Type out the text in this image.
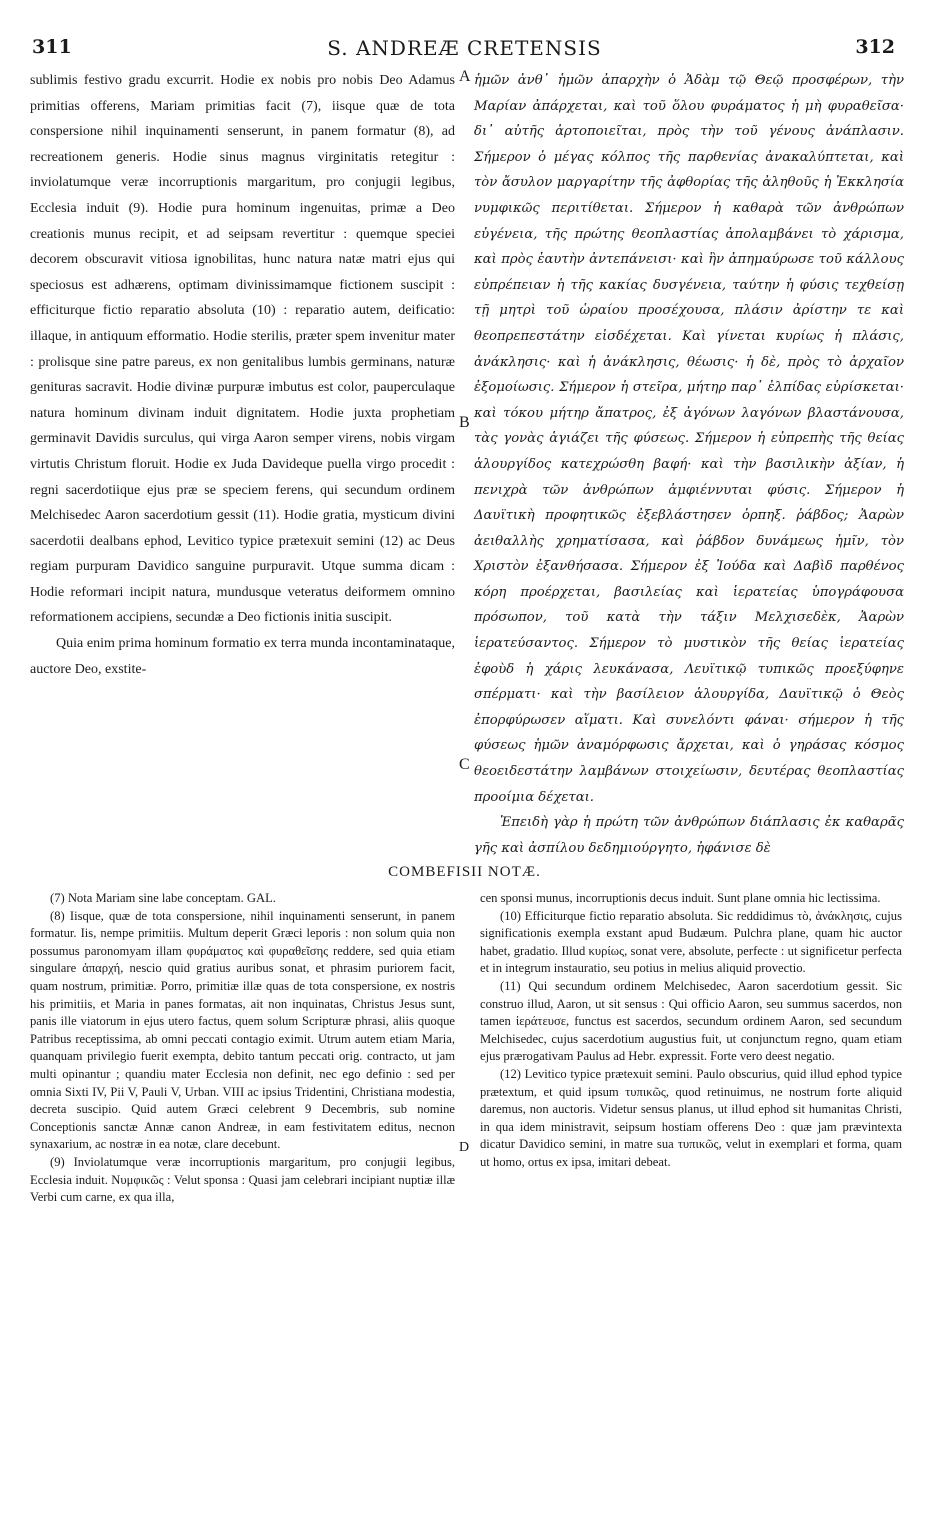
311	S. ANDREÆ CRETENSIS	312

sublimis festivo gradu excurrit. Hodie ex nobis pro nobis Deo Adamus primitias offerens, Mariam primitias facit (7), iisque quæ de tota conspersione nihil inquinamenti senserunt, in panem formatur (8), ad recreationem generis. Hodie sinus magnus virginitatis retegitur : inviolatumque veræ incorruptionis margaritum, pro conjugii legibus, Ecclesia induit (9). Hodie pura hominum ingenuitas, primæ a Deo creationis munus recipit, et ad seipsam revertitur : quemque speciei decorem obscuravit vitiosa ignobilitas, hunc natura natæ matri ejus qui speciosus est adhærens, optimam divinissimamque fictionem suscipit : efficiturque fictio reparatio absoluta (10) : reparatio autem, deificatio: illaque, in antiquum efformatio. Hodie sterilis, præter spem invenitur mater : prolisque sine patre pareus, ex non genitalibus lumbis germinans, naturæ genituras sacravit. Hodie divinæ purpuræ imbutus est color, pauperculaque natura hominum divinam induit dignitatem. Hodie juxta prophetiam germinavit Davidis surculus, qui virga Aaron semper virens, nobis virgam virtutis Christum floruit. Hodie ex Juda Davideque puella virgo procedit : regni sacerdotiique ejus præ se speciem ferens, qui secundum ordinem Melchisedec Aaron sacerdotium gessit (11). Hodie gratia, mysticum divini sacerdotii dealbans ephod, Levitico typice prætexuit semini (12) ac Deus regiam purpuram Davidico sanguine purpuravit. Utque summa dicam : Hodie reformari incipit natura, mundusque veteratus deiformem omnino reformationem accipiens, secundæ a Deo fictionis initia suscipit.

Quia enim prima hominum formatio ex terra munda incontaminataque, auctore Deo, exstite-

A
B
C

ἡμῶν ἀνθ᾽ ἡμῶν ἀπαρχὴν ὁ Ἀδὰμ τῷ Θεῷ προσφέρων, τὴν Μαρίαν ἀπάρχεται, καὶ τοῦ ὅλου φυράματος ἡ μὴ φυραθεῖσα· δι᾽ αὐτῆς ἀρτοποιεῖται, πρὸς τὴν τοῦ γένους ἀνάπλασιν. Σήμερον ὁ μέγας κόλπος τῆς παρθενίας ἀνακαλύπτεται, καὶ τὸν ἄσυλον μαργαρίτην τῆς ἀφθορίας τῆς ἀληθοῦς ἡ Ἐκκλησία νυμφικῶς περιτίθεται. Σήμερον ἡ καθαρὰ τῶν ἀνθρώπων εὐγένεια, τῆς πρώτης θεοπλαστίας ἀπολαμβάνει τὸ χάρισμα, καὶ πρὸς ἑαυτὴν ἀντεπάνεισι· καὶ ἣν ἀπημαύρωσε τοῦ κάλλους εὐπρέπειαν ἡ τῆς κακίας δυσγένεια, ταύτην ἡ φύσις τεχθείσῃ τῇ μητρὶ τοῦ ὡραίου προσέχουσα, πλάσιν ἀρίστην τε καὶ θεοπρεπεστάτην εἰσδέχεται. Καὶ γίνεται κυρίως ἡ πλάσις, ἀνάκλησις· καὶ ἡ ἀνάκλησις, θέωσις· ἡ δὲ, πρὸς τὸ ἀρχαῖον ἐξομοίωσις. Σήμερον ἡ στεῖρα, μήτηρ παρ᾽ ἐλπίδας εὑρίσκεται· καὶ τόκου μήτηρ ἄπατρος, ἐξ ἀγόνων λαγόνων βλαστάνουσα, τὰς γονὰς ἁγιάζει τῆς φύσεως. Σήμερον ἡ εὐπρεπὴς τῆς θείας ἁλουργίδος κατεχρώσθη βαφή· καὶ τὴν βασιλικὴν ἀξίαν, ἡ πενιχρὰ τῶν ἀνθρώπων ἀμφιέννυται φύσις. Σήμερον ἡ Δαυϊτικὴ προφητικῶς ἐξεβλάστησεν ὀρπηξ. ῥάβδος; Ἀαρὼν ἀειθαλλὴς χρηματίσασα, καὶ ῥάβδον δυνάμεως ἡμῖν, τὸν Χριστὸν ἐξανθήσασα. Σήμερον ἐξ Ἰούδα καὶ Δαβὶδ παρθένος κόρη προέρχεται, βασιλείας καὶ ἱερατείας ὑπογράφουσα πρόσωπον, τοῦ κατὰ τὴν τάξιν Μελχισεδὲκ, Ἀαρὼν ἱερατεύσαντος. Σήμερον τὸ μυστικὸν τῆς θείας ἱερατείας ἐφοὺδ ἡ χάρις λευκάνασα, Λευϊτικῷ τυπικῶς προεξύφηνε σπέρματι· καὶ τὴν βασίλειον ἁλουργίδα, Δαυϊτικῷ ὁ Θεὸς ἐπορφύρωσεν αἵματι. Καὶ συνελόντι φάναι· σήμερον ἡ τῆς φύσεως ἡμῶν ἀναμόρφωσις ἄρχεται, καὶ ὁ γηράσας κόσμος θεοειδεστάτην λαμβάνων στοιχείωσιν, δευτέρας θεοπλαστίας προοίμια δέχεται.

Ἐπειδὴ γὰρ ἡ πρώτη τῶν ἀνθρώπων διάπλασις ἐκ καθαρᾶς γῆς καὶ ἀσπίλου δεδημιούργητο, ἠφάνισε δὲ

COMBEFISII NOTÆ.

(7) Nota Mariam sine labe conceptam. GAL.

(8) Iisque, quæ de tota conspersione, nihil inquinamenti senserunt, in panem formatur. Iis, nempe primitiis. Multum deperit Græci leporis : non solum quia non possumus paronomyam illam φυράματος καὶ φυραθεῖσης reddere, sed quia etiam singulare ἀπαρχή, nescio quid gratius auribus sonat, et phrasim puriorem facit, quam nostrum, primitiæ. Porro, primitiæ illæ quas de tota conspersione, ex nostris his primitiis, et Maria in panes formatas, ait non inquinatas, Christus Jesus sunt, panis ille viatorum in ejus utero factus, quem solum Scripturæ phrasi, aliis quoque Patribus receptissima, ab omni peccati contagio eximit. Utrum autem etiam Maria, quanquam privilegio fuerit exempta, debito tantum peccati orig. contracto, ut jam multi opinantur ; quandiu mater Ecclesia non definit, nec ego definio : sed per omnia Sixti IV, Pii V, Pauli V, Urban. VIII ac ipsius Tridentini, Christiana modestia, decreta suscipio. Quid autem Græci celebrent 9 Decembris, sub nomine Conceptionis sanctæ Annæ canon Andreæ, in eam festivitatem editus, necnon synaxarium, ac nostræ in ea notæ, clare decebunt.

(9) Inviolatumque veræ incorruptionis margaritum, pro conjugii legibus, Ecclesia induit. Νυμφικῶς : Velut sponsa : Quasi jam celebrari incipiant nuptiæ illæ Verbi cum carne, ex qua illa,

D

cen sponsi munus, incorruptionis decus induit. Sunt plane omnia hic lectissima.

(10) Efficiturque fictio reparatio absoluta. Sic reddidimus τὸ, ἀνάκλησις, cujus significationis exempla exstant apud Budæum. Pulchra plane, quam hic auctor habet, gradatio. Illud κυρίως, sonat vere, absolute, perfecte : ut significetur perfecta et in integrum instauratio, seu potius in melius aliquid provectio.

(11) Qui secundum ordinem Melchisedec, Aaron sacerdotium gessit. Sic construo illud, Aaron, ut sit sensus : Qui officio Aaron, seu summus sacerdos, non tamen ἱεράτευσε, functus est sacerdos, secundum ordinem Aaron, sed secundum Melchisedec, cujus sacerdotium augustius fuit, ut conjunctum regno, quam etiam ejus prærogativam Paulus ad Hebr. expressit. Forte vero deest negatio.

(12) Levitico typice prætexuit semini. Paulo obscurius, quid illud ephod typice prætextum, et quid ipsum τυπικῶς, quod retinuimus, ne nostrum forte aliquid daremus, non auctoris. Videtur sensus planus, ut illud ephod sit humanitas Christi, in qua idem ministravit, seipsum hostiam offerens Deo : quæ jam prævintexta dicatur Davidico semini, in matre sua τυπικῶς, velut in exemplari et forma, quam ut homo, ortus ex ipsa, imitari debeat.
